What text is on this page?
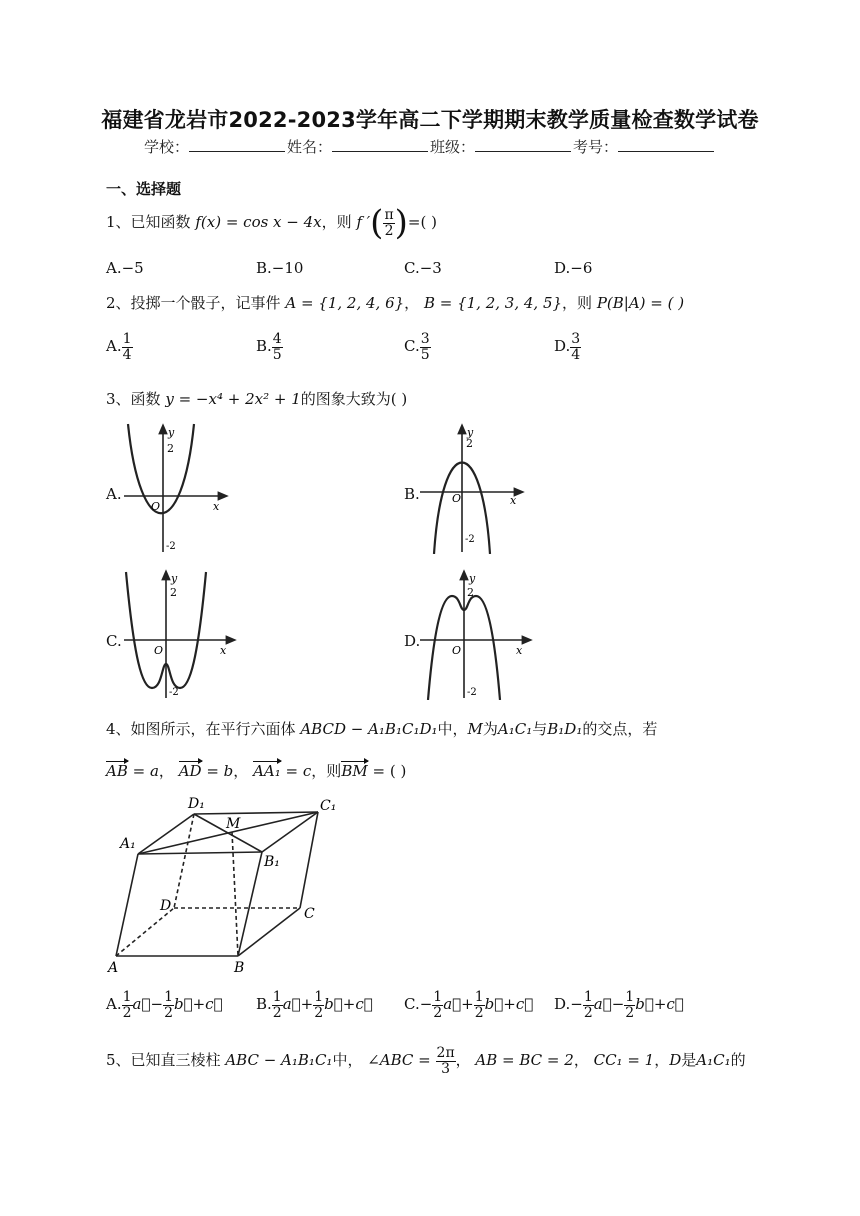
福建省龙岩市2022-2023学年高二下学期期末教学质量检查数学试卷
学校：	姓名：	班级：	考号：
一、选择题
1、已知函数 f(x) = cos x − 4x，则 f ′( $\frac{\pi}{2}$ )=( )
A.−5	B.−10	C.−3	D.−6
2、投掷一个骰子，记事件 A = {1, 2, 4, 6}， B = {1, 2, 3, 4, 5}，则 P(B|A) = ( )
A. $\frac{1}{4}$	B. $\frac{4}{5}$	C. $\frac{3}{5}$	D. $\frac{3}{4}$
3、函数 y = −x⁴ + 2x² + 1的图象大致为( )
A.	B.
C.	D.
y
2
O	x
-2
y
2
O	x
-2
y
2
O	x
-2
y
2
O	x
-2
4、如图所示，在平行六面体 ABCD − A₁B₁C₁D₁中，M为A₁C₁与B₁D₁的交点，若
AB = a， AD = b， AA₁ = c，则BM = ( )
D₁	C₁
M
A₁
B₁
D	C
A	B
A. $\frac{1}{2}$ a⃗− $\frac{1}{2}$ b⃗+c⃗ B. $\frac{1}{2}$ a⃗+ $\frac{1}{2}$ b⃗+c⃗ $C.- \frac{1}{2}$ a⃗+ $\frac{1}{2}$ b⃗+c⃗ $D.- \frac{1}{2}$ a⃗− $\frac{1}{2}$ b⃗+c⃗
5、已知直三棱柱 ABC − A₁B₁C₁中， ∠ABC = $\frac{2\pi}{3}$ ， AB = BC = 2， CC₁ = 1，D是A₁C₁的
